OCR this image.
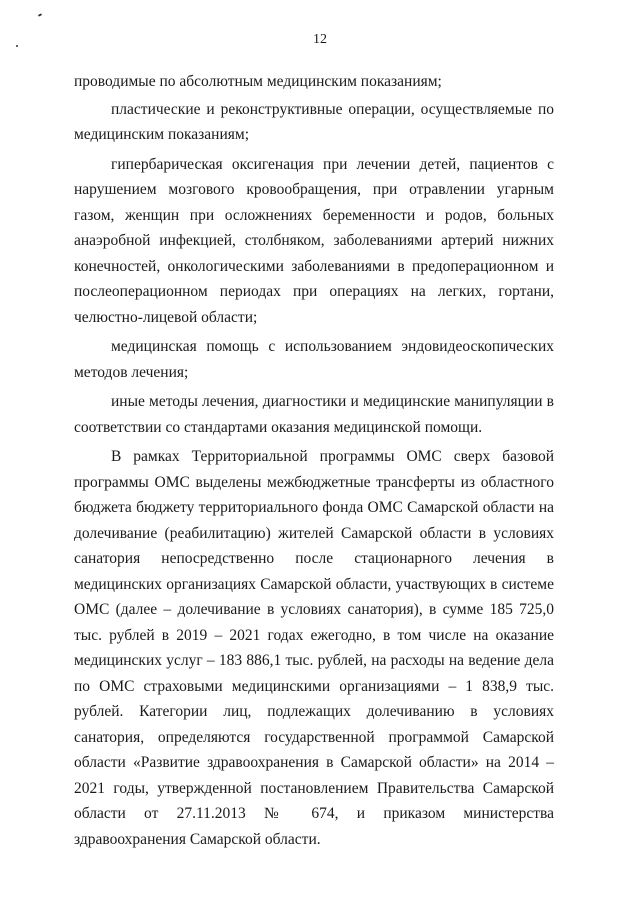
12

проводимые по абсолютным медицинским показаниям;

пластические и реконструктивные операции, осуществляемые по медицинским показаниям;

гипербарическая оксигенация при лечении детей, пациентов с нарушением мозгового кровообращения, при отравлении угарным газом, женщин при осложнениях беременности и родов, больных анаэробной инфекцией, столбняком, заболеваниями артерий нижних конечностей, онкологическими заболеваниями в предоперационном и послеоперационном периодах при операциях на легких, гортани, челюстно-лицевой области;

медицинская помощь с использованием эндовидеоскопических методов лечения;

иные методы лечения, диагностики и медицинские манипуляции в соответствии со стандартами оказания медицинской помощи.

В рамках Территориальной программы ОМС сверх базовой программы ОМС выделены межбюджетные трансферты из областного бюджета бюджету территориального фонда ОМС Самарской области на долечивание (реабилитацию) жителей Самарской области в условиях санатория непосредственно после стационарного лечения в медицинских организациях Самарской области, участвующих в системе ОМС (далее – долечивание в условиях санатория), в сумме 185 725,0 тыс. рублей в 2019 – 2021 годах ежегодно, в том числе на оказание медицинских услуг – 183 886,1 тыс. рублей, на расходы на ведение дела по ОМС страховыми медицинскими организациями – 1 838,9 тыс. рублей. Категории лиц, подлежащих долечиванию в условиях санатория, определяются государственной программой Самарской области «Развитие здравоохранения в Самарской области» на 2014 – 2021 годы, утвержденной постановлением Правительства Самарской области от 27.11.2013 № 674, и приказом министерства здравоохранения Самарской области.
